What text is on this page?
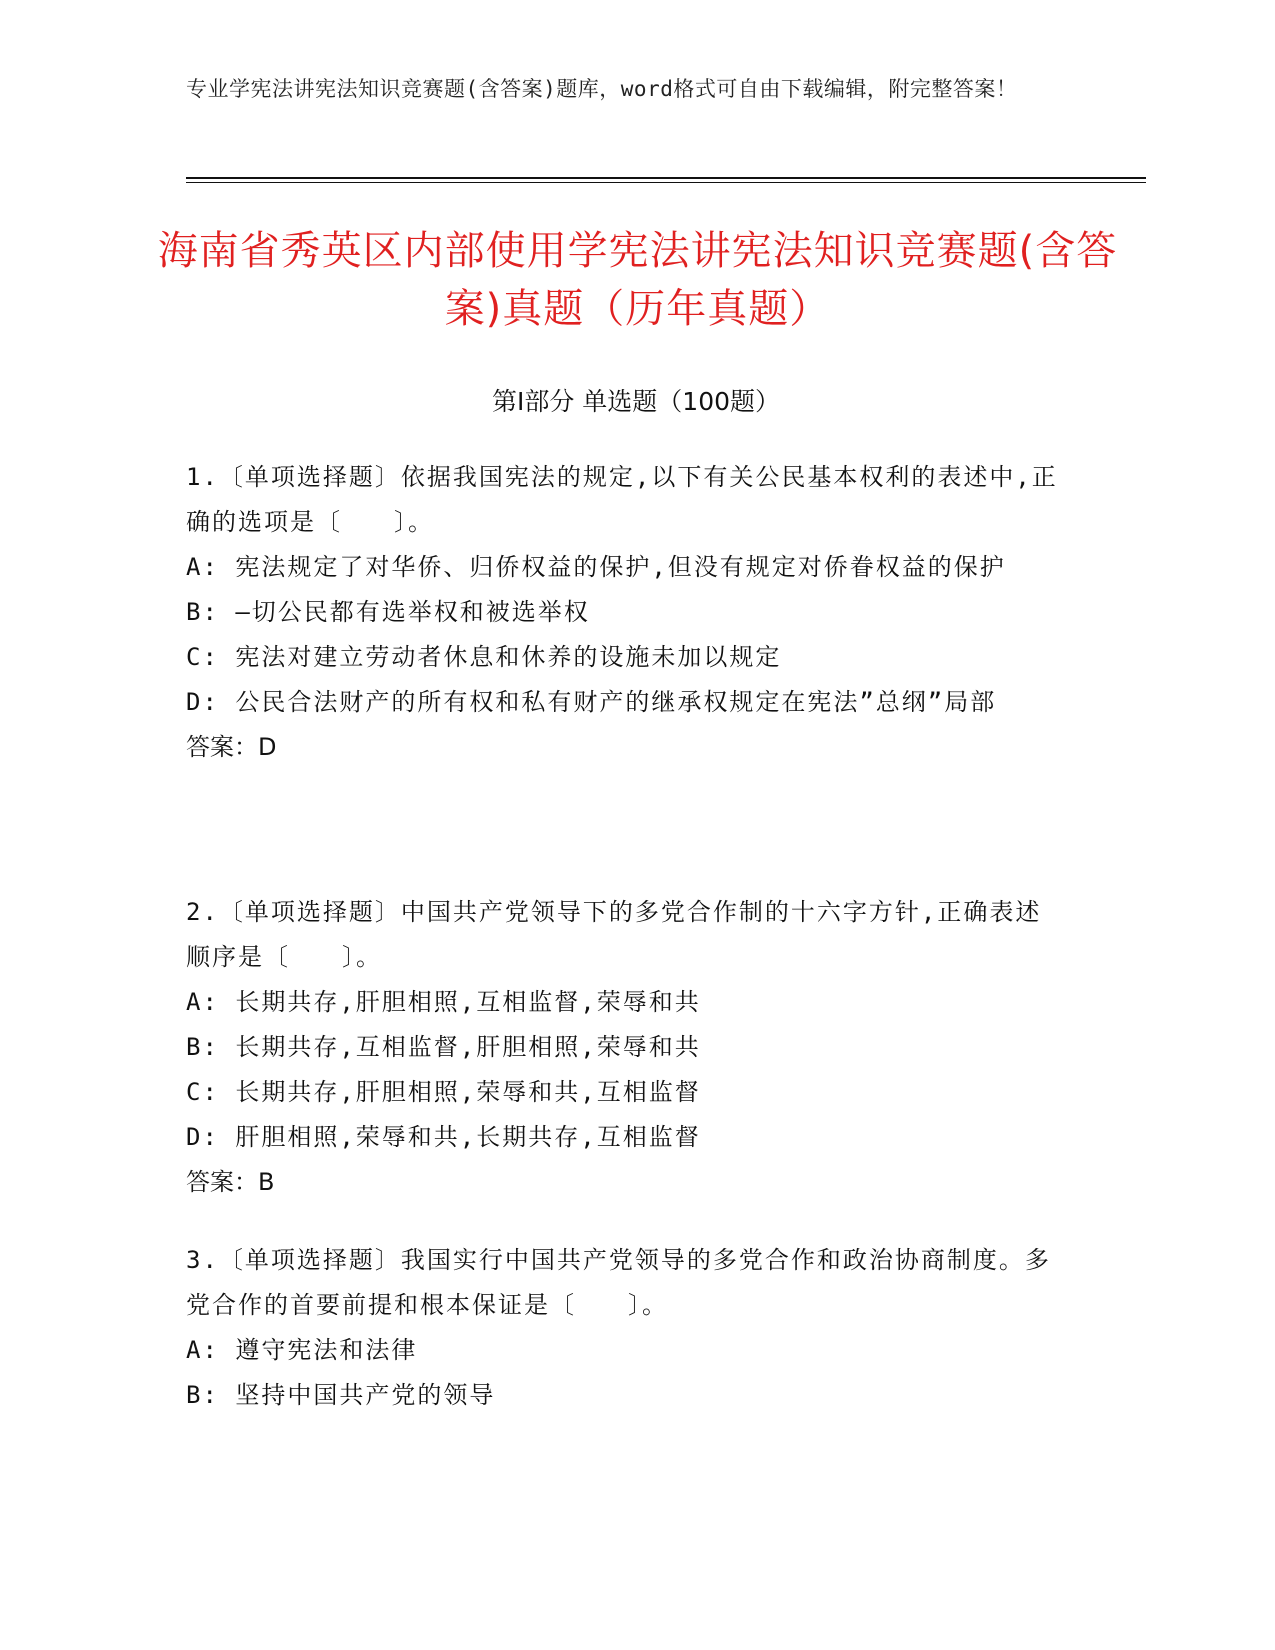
专业学宪法讲宪法知识竞赛题(含答案)题库，word格式可自由下载编辑，附完整答案！
海南省秀英区内部使用学宪法讲宪法知识竞赛题(含答案)真题（历年真题）
第I部分 单选题（100题）

1.〔单项选择题〕依据我国宪法的规定,以下有关公民基本权利的表述中,正确的选项是〔　　〕。

A: 宪法规定了对华侨、归侨权益的保护,但没有规定对侨眷权益的保护

B: —切公民都有选举权和被选举权

C: 宪法对建立劳动者休息和休养的设施未加以规定

D: 公民合法财产的所有权和私有财产的继承权规定在宪法”总纲”局部

答案：D

2.〔单项选择题〕中国共产党领导下的多党合作制的十六字方针,正确表述顺序是〔　　〕。

A: 长期共存,肝胆相照,互相监督,荣辱和共

B: 长期共存,互相监督,肝胆相照,荣辱和共

C: 长期共存,肝胆相照,荣辱和共,互相监督

D: 肝胆相照,荣辱和共,长期共存,互相监督

答案：B

3.〔单项选择题〕我国实行中国共产党领导的多党合作和政治协商制度。多党合作的首要前提和根本保证是〔　　〕。

A: 遵守宪法和法律

B: 坚持中国共产党的领导
